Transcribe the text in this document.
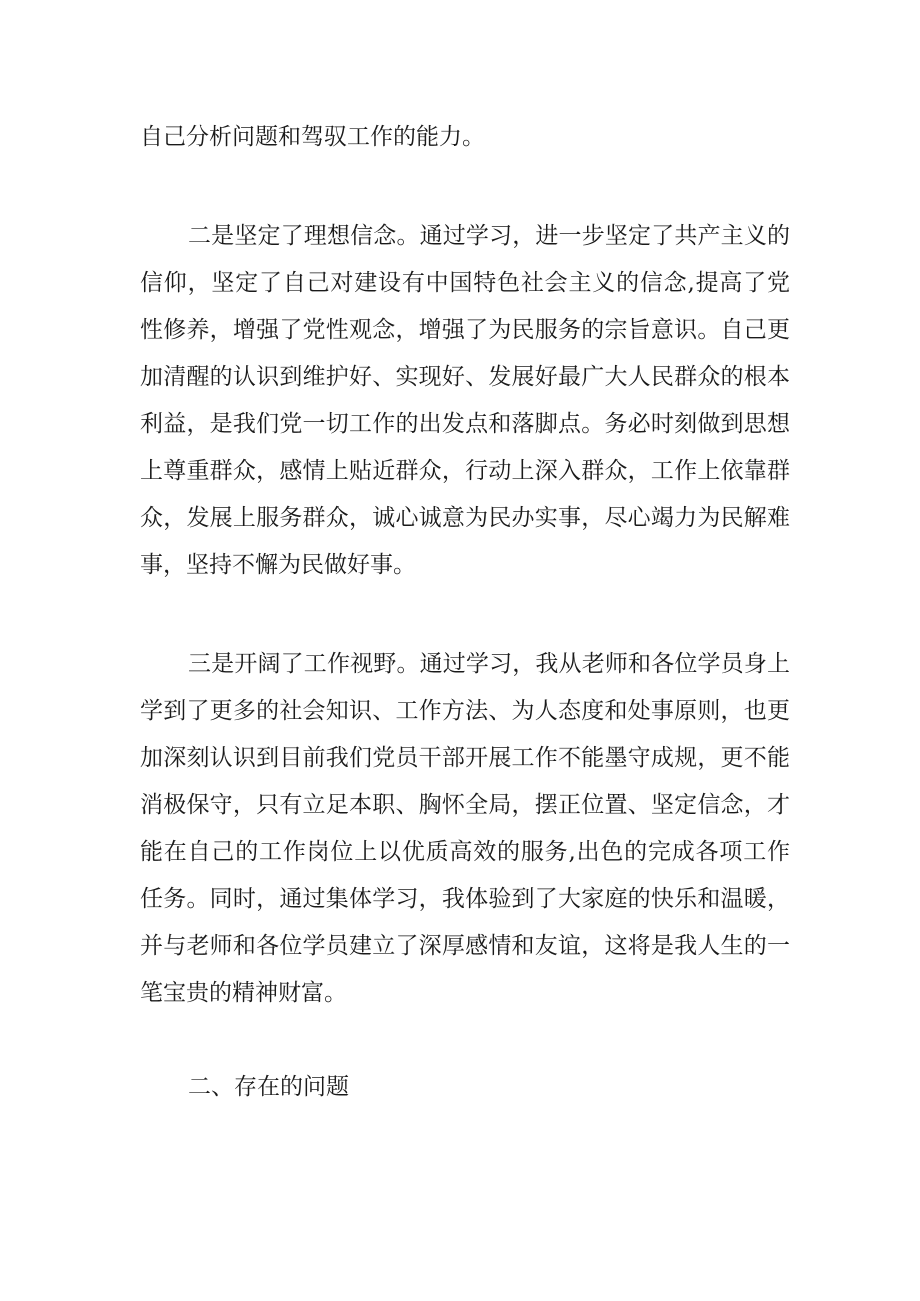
自己分析问题和驾驭工作的能力。
二是坚定了理想信念。通过学习，进一步坚定了共产主义的
信仰，坚定了自己对建设有中国特色社会主义的信念,提高了党
性修养，增强了党性观念，增强了为民服务的宗旨意识。自己更
加清醒的认识到维护好、实现好、发展好最广大人民群众的根本
利益，是我们党一切工作的出发点和落脚点。务必时刻做到思想
上尊重群众，感情上贴近群众，行动上深入群众，工作上依靠群
众，发展上服务群众，诚心诚意为民办实事，尽心竭力为民解难
事，坚持不懈为民做好事。
三是开阔了工作视野。通过学习，我从老师和各位学员身上
学到了更多的社会知识、工作方法、为人态度和处事原则，也更
加深刻认识到目前我们党员干部开展工作不能墨守成规，更不能
消极保守，只有立足本职、胸怀全局，摆正位置、坚定信念，才
能在自己的工作岗位上以优质高效的服务,出色的完成各项工作
任务。同时，通过集体学习，我体验到了大家庭的快乐和温暖，
并与老师和各位学员建立了深厚感情和友谊，这将是我人生的一
笔宝贵的精神财富。
二、存在的问题
